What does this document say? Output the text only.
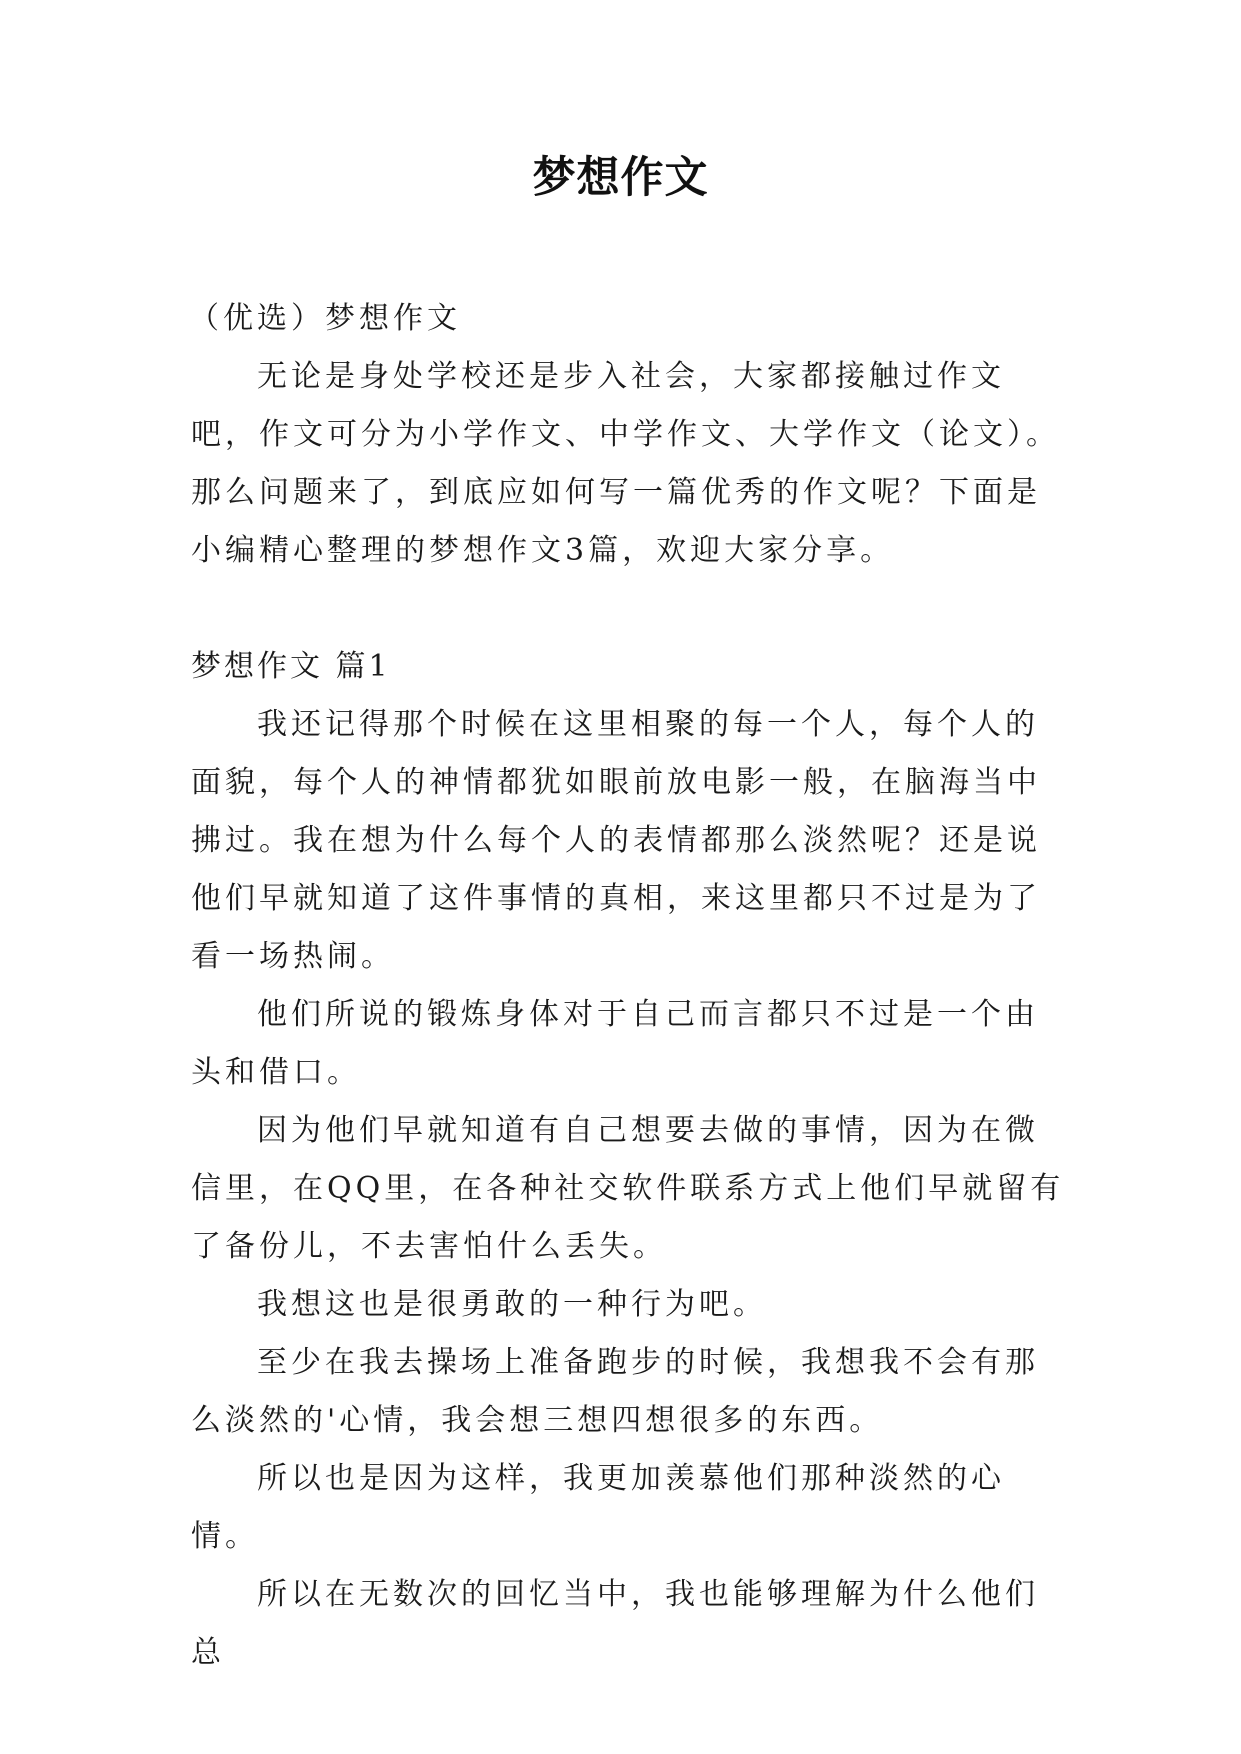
梦想作文

（优选）梦想作文

无论是身处学校还是步入社会，大家都接触过作文吧，作文可分为小学作文、中学作文、大学作文（论文）。那么问题来了，到底应如何写一篇优秀的作文呢？下面是小编精心整理的梦想作文3篇，欢迎大家分享。

梦想作文 篇1

我还记得那个时候在这里相聚的每一个人，每个人的面貌，每个人的神情都犹如眼前放电影一般，在脑海当中拂过。我在想为什么每个人的表情都那么淡然呢？还是说他们早就知道了这件事情的真相，来这里都只不过是为了看一场热闹。

他们所说的锻炼身体对于自己而言都只不过是一个由头和借口。

因为他们早就知道有自己想要去做的事情，因为在微信里，在QQ里，在各种社交软件联系方式上他们早就留有了备份儿，不去害怕什么丢失。

我想这也是很勇敢的一种行为吧。

至少在我去操场上准备跑步的时候，我想我不会有那么淡然的'心情，我会想三想四想很多的东西。

所以也是因为这样，我更加羡慕他们那种淡然的心情。

所以在无数次的回忆当中，我也能够理解为什么他们总
